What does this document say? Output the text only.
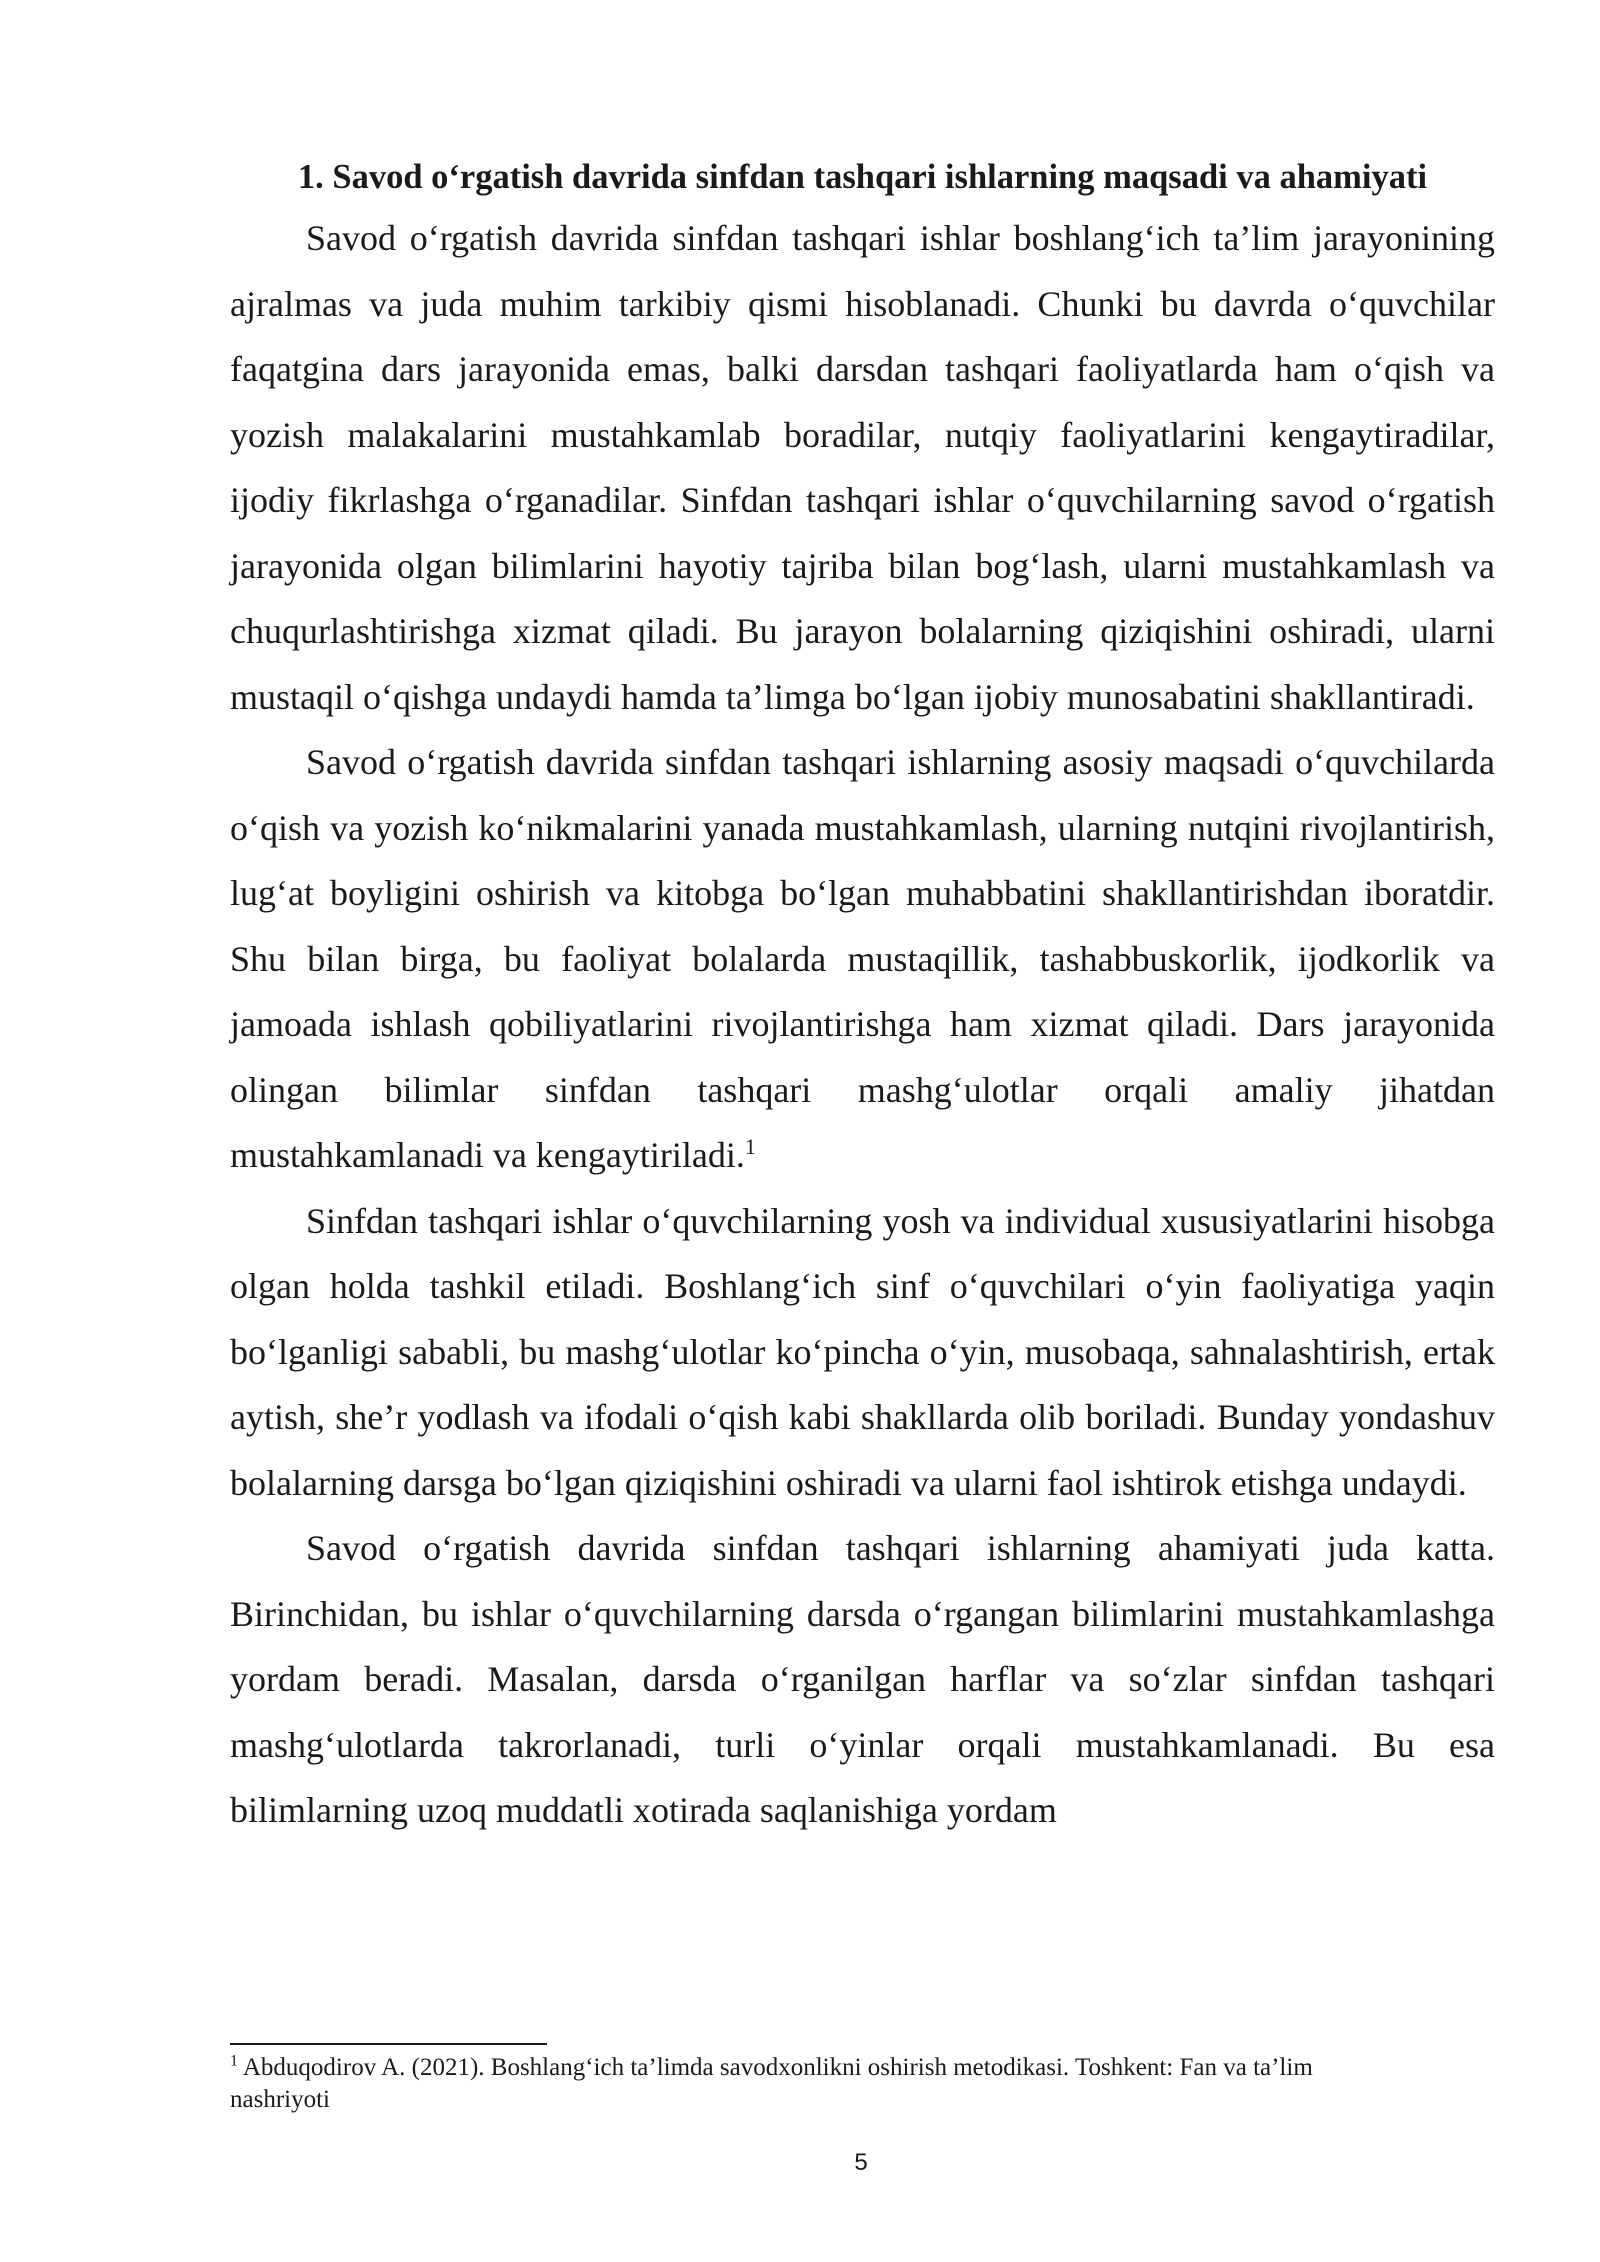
1. Savod o‘rgatish davrida sinfdan tashqari ishlarning maqsadi va ahamiyati

Savod o‘rgatish davrida sinfdan tashqari ishlar boshlang‘ich ta’lim jarayonining ajralmas va juda muhim tarkibiy qismi hisoblanadi. Chunki bu davrda o‘quvchilar faqatgina dars jarayonida emas, balki darsdan tashqari faoliyatlarda ham o‘qish va yozish malakalarini mustahkamlab boradilar, nutqiy faoliyatlarini kengaytiradilar, ijodiy fikrlashga o‘rganadilar. Sinfdan tashqari ishlar o‘quvchilarning savod o‘rgatish jarayonida olgan bilimlarini hayotiy tajriba bilan bog‘lash, ularni mustahkamlash va chuqurlashtirishga xizmat qiladi. Bu jarayon bolalarning qiziqishini oshiradi, ularni mustaqil o‘qishga undaydi hamda ta’limga bo‘lgan ijobiy munosabatini shakllantiradi.

Savod o‘rgatish davrida sinfdan tashqari ishlarning asosiy maqsadi o‘quvchilarda o‘qish va yozish ko‘nikmalarini yanada mustahkamlash, ularning nutqini rivojlantirish, lug‘at boyligini oshirish va kitobga bo‘lgan muhabbatini shakllantirishdan iboratdir. Shu bilan birga, bu faoliyat bolalarda mustaqillik, tashabbuskorlik, ijodkorlik va jamoada ishlash qobiliyatlarini rivojlantirishga ham xizmat qiladi. Dars jarayonida olingan bilimlar sinfdan tashqari mashg‘ulotlar orqali amaliy jihatdan mustahkamlanadi va kengaytiriladi.$^1$

Sinfdan tashqari ishlar o‘quvchilarning yosh va individual xususiyatlarini hisobga olgan holda tashkil etiladi. Boshlang‘ich sinf o‘quvchilari o‘yin faoliyatiga yaqin bo‘lganligi sababli, bu mashg‘ulotlar ko‘pincha o‘yin, musobaqa, sahnalashtirish, ertak aytish, she’r yodlash va ifodali o‘qish kabi shakllarda olib boriladi. Bunday yondashuv bolalarning darsga bo‘lgan qiziqishini oshiradi va ularni faol ishtirok etishga undaydi.

Savod o‘rgatish davrida sinfdan tashqari ishlarning ahamiyati juda katta. Birinchidan, bu ishlar o‘quvchilarning darsda o‘rgangan bilimlarini mustahkamlashga yordam beradi. Masalan, darsda o‘rganilgan harflar va so‘zlar sinfdan tashqari mashg‘ulotlarda takrorlanadi, turli o‘yinlar orqali mustahkamlanadi. Bu esa bilimlarning uzoq muddatli xotirada saqlanishiga yordam

$^1$ Abduqodirov A. (2021). Boshlang‘ich ta’limda savodxonlikni oshirish metodikasi. Toshkent: Fan va ta’lim nashriyoti

5
